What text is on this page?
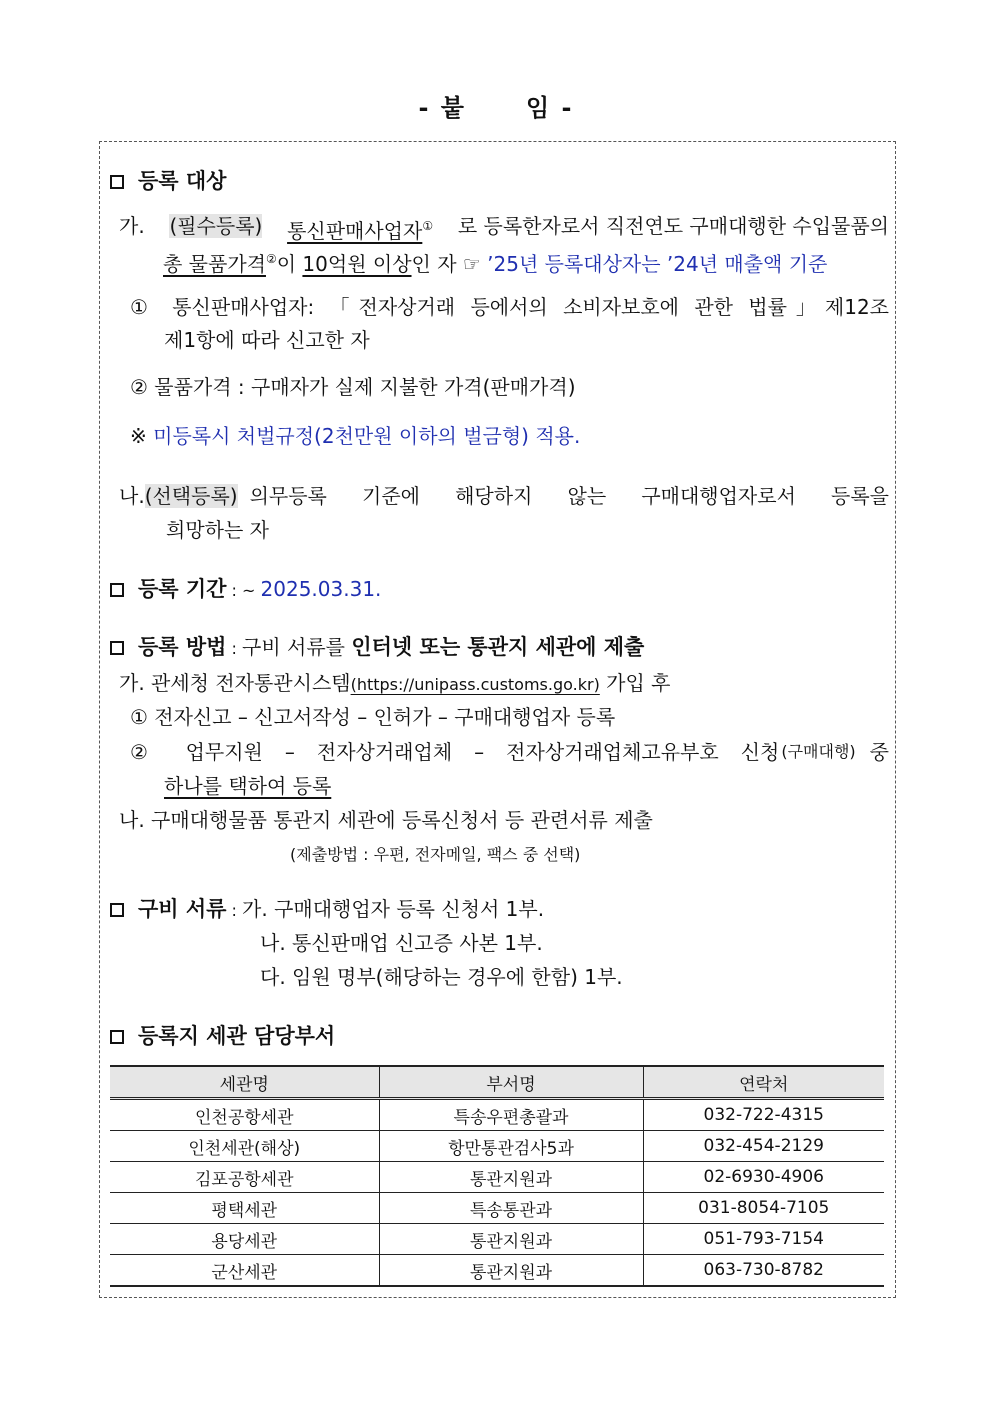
- 붙	임 -
등록 대상
가. (필수등록) 통신판매사업자① 로 등록한자로서 직전연도 구매대행한 수입물품의
총 물품가격②이 10억원 이상인 자 ☞ ’25년 등록대상자는 ’24년 매출액 기준
① 통신판매사업자: 「전자상거래 등에서의 소비자보호에 관한 법률」제12조
제1항에 따라 신고한 자
② 물품가격 : 구매자가 실제 지불한 가격(판매가격)
※ 미등록시 처벌규정(2천만원 이하의 벌금형) 적용.
나. (선택등록) 의무등록 기준에 해당하지 않는 구매대행업자로서 등록을
희망하는 자
등록 기간 : ~ 2025.03.31.
등록 방법 : 구비 서류를 인터넷 또는 통관지 세관에 제출
가. 관세청 전자통관시스템(https://unipass.customs.go.kr) 가입 후
① 전자신고 – 신고서작성 – 인허가 – 구매대행업자 등록
② 업무지원 – 전자상거래업체 – 전자상거래업체고유부호 신청 (구매대행) 중
하나를 택하여 등록
나. 구매대행물품 통관지 세관에 등록신청서 등 관련서류 제출
(제출방법 : 우편, 전자메일, 팩스 중 선택)
구비 서류 : 가. 구매대행업자 등록 신청서 1부.
나. 통신판매업 신고증 사본 1부.
다. 임원 명부(해당하는 경우에 한함) 1부.
등록지 세관 담당부서
세관명	부서명	연락처
인천공항세관	특송우편총괄과	032-722-4315
인천세관(해상)	항만통관검사5과	032-454-2129
김포공항세관	통관지원과	02-6930-4906
평택세관	특송통관과	031-8054-7105
용당세관	통관지원과	051-793-7154
군산세관	통관지원과	063-730-8782
